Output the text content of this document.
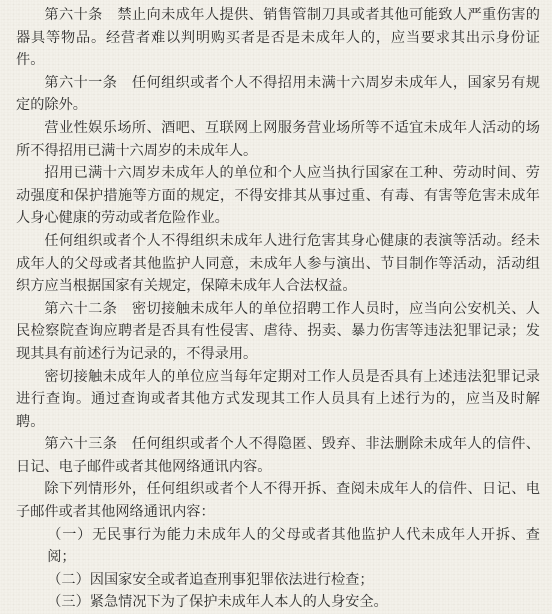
第六十条　禁止向未成年人提供、销售管制刀具或者其他可能致人严重伤害的器具等物品。经营者难以判明购买者是否是未成年人的，应当要求其出示身份证件。

第六十一条　任何组织或者个人不得招用未满十六周岁未成年人，国家另有规定的除外。

营业性娱乐场所、酒吧、互联网上网服务营业场所等不适宜未成年人活动的场所不得招用已满十六周岁的未成年人。

招用已满十六周岁未成年人的单位和个人应当执行国家在工种、劳动时间、劳动强度和保护措施等方面的规定，不得安排其从事过重、有毒、有害等危害未成年人身心健康的劳动或者危险作业。

任何组织或者个人不得组织未成年人进行危害其身心健康的表演等活动。经未成年人的父母或者其他监护人同意，未成年人参与演出、节目制作等活动，活动组织方应当根据国家有关规定，保障未成年人合法权益。

第六十二条　密切接触未成年人的单位招聘工作人员时，应当向公安机关、人民检察院查询应聘者是否具有性侵害、虐待、拐卖、暴力伤害等违法犯罪记录；发现其具有前述行为记录的，不得录用。

密切接触未成年人的单位应当每年定期对工作人员是否具有上述违法犯罪记录进行查询。通过查询或者其他方式发现其工作人员具有上述行为的，应当及时解聘。

第六十三条　任何组织或者个人不得隐匿、毁弃、非法删除未成年人的信件、日记、电子邮件或者其他网络通讯内容。

除下列情形外，任何组织或者个人不得开拆、查阅未成年人的信件、日记、电子邮件或者其他网络通讯内容：

（一）无民事行为能力未成年人的父母或者其他监护人代未成年人开拆、查阅；

（二）因国家安全或者追查刑事犯罪依法进行检查；

（三）紧急情况下为了保护未成年人本人的人身安全。
